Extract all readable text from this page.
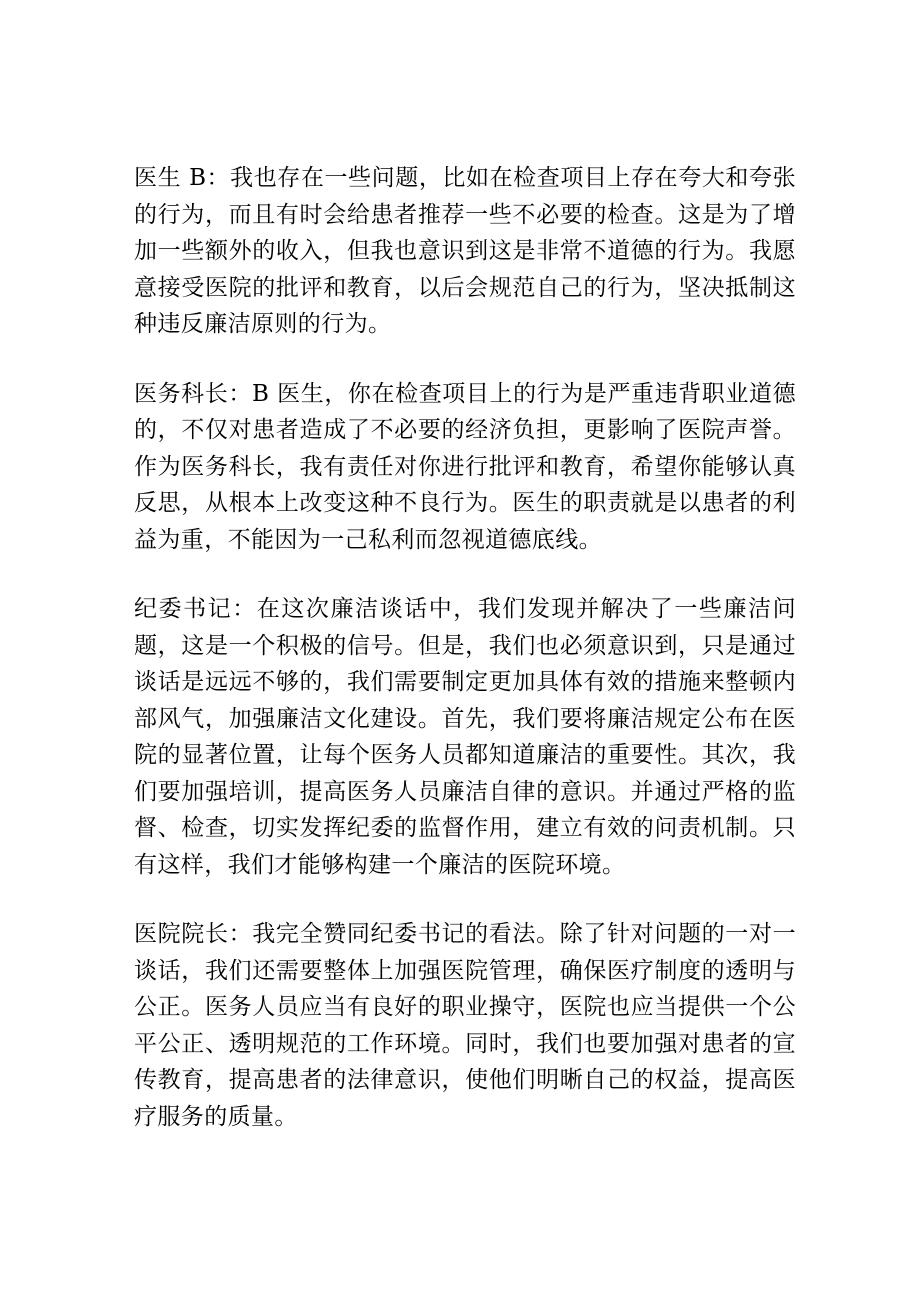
医生 B：我也存在一些问题，比如在检查项目上存在夸大和夸张的行为，而且有时会给患者推荐一些不必要的检查。这是为了增加一些额外的收入，但我也意识到这是非常不道德的行为。我愿意接受医院的批评和教育，以后会规范自己的行为，坚决抵制这种违反廉洁原则的行为。

医务科长：B 医生，你在检查项目上的行为是严重违背职业道德的，不仅对患者造成了不必要的经济负担，更影响了医院声誉。作为医务科长，我有责任对你进行批评和教育，希望你能够认真反思，从根本上改变这种不良行为。医生的职责就是以患者的利益为重，不能因为一己私利而忽视道德底线。

纪委书记：在这次廉洁谈话中，我们发现并解决了一些廉洁问题，这是一个积极的信号。但是，我们也必须意识到，只是通过谈话是远远不够的，我们需要制定更加具体有效的措施来整顿内部风气，加强廉洁文化建设。首先，我们要将廉洁规定公布在医院的显著位置，让每个医务人员都知道廉洁的重要性。其次，我们要加强培训，提高医务人员廉洁自律的意识。并通过严格的监督、检查，切实发挥纪委的监督作用，建立有效的问责机制。只有这样，我们才能够构建一个廉洁的医院环境。

医院院长：我完全赞同纪委书记的看法。除了针对问题的一对一谈话，我们还需要整体上加强医院管理，确保医疗制度的透明与公正。医务人员应当有良好的职业操守，医院也应当提供一个公平公正、透明规范的工作环境。同时，我们也要加强对患者的宣传教育，提高患者的法律意识，使他们明晰自己的权益，提高医疗服务的质量。
